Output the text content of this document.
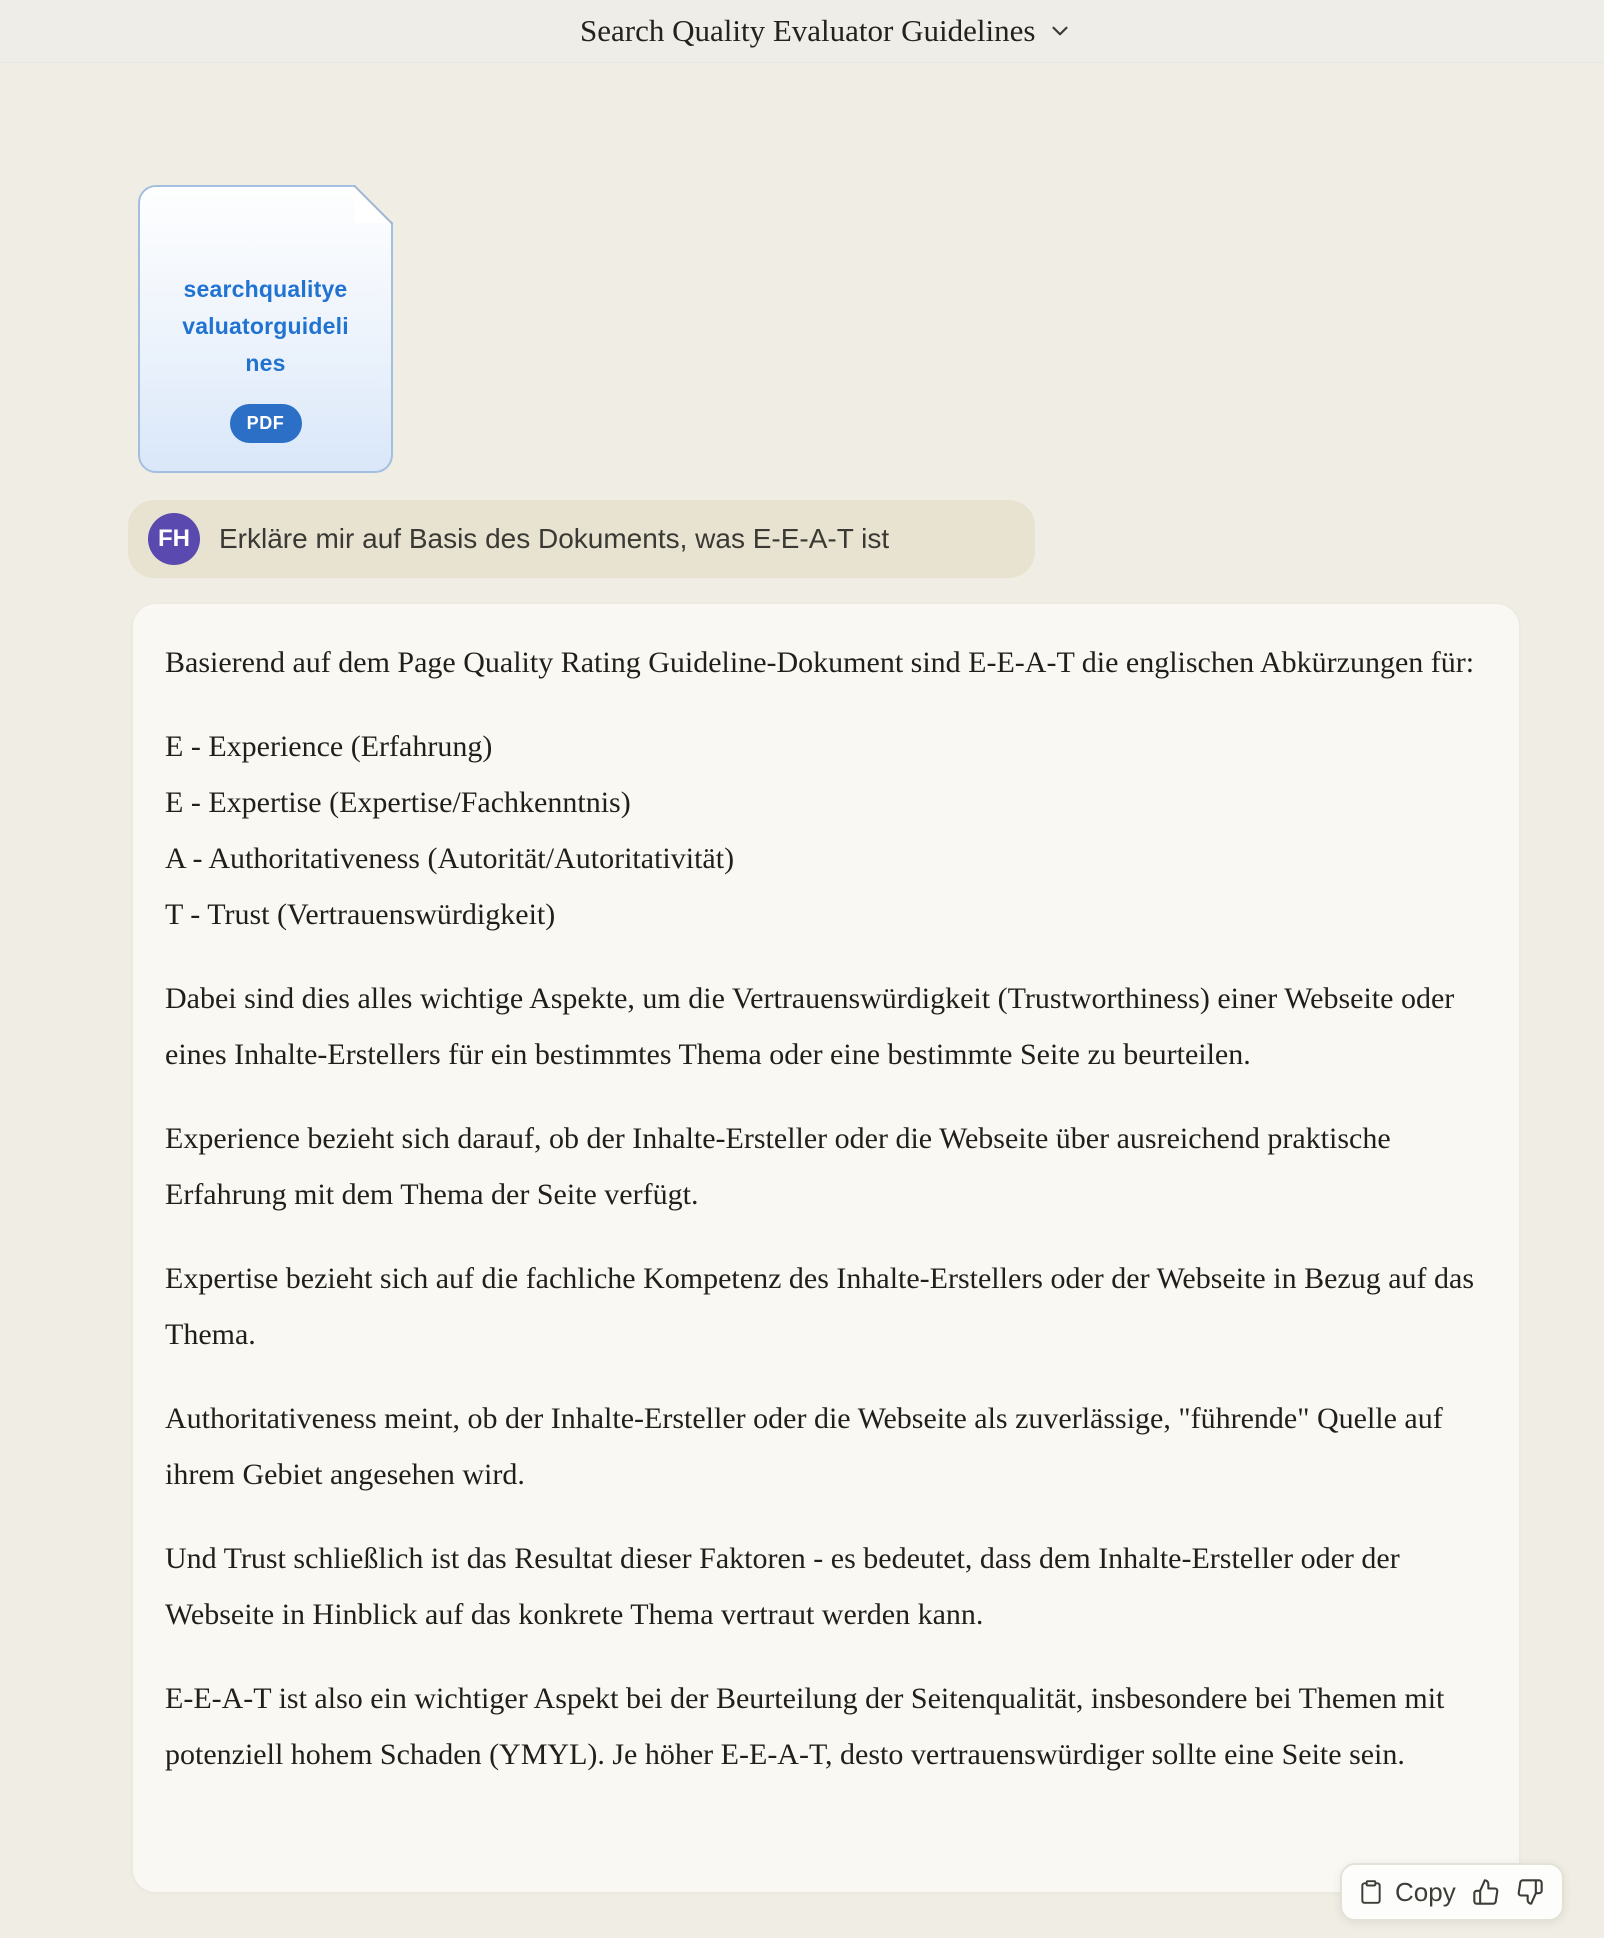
Search Quality Evaluator Guidelines
searchqualitye
valuatorguideli
nes
PDF
FH	Erkläre mir auf Basis des Dokuments, was E-E-A-T ist

Basierend auf dem Page Quality Rating Guideline-Dokument sind E-E-A-T die englischen Abkürzungen für:

E - Experience (Erfahrung)
E - Expertise (Expertise/Fachkenntnis)
A - Authoritativeness (Autorität/Autoritativität)
T - Trust (Vertrauenswürdigkeit)

Dabei sind dies alles wichtige Aspekte, um die Vertrauenswürdigkeit (Trustworthiness) einer Webseite oder eines Inhalte-Erstellers für ein bestimmtes Thema oder eine bestimmte Seite zu beurteilen.

Experience bezieht sich darauf, ob der Inhalte-Ersteller oder die Webseite über ausreichend praktische Erfahrung mit dem Thema der Seite verfügt.

Expertise bezieht sich auf die fachliche Kompetenz des Inhalte-Erstellers oder der Webseite in Bezug auf das Thema.

Authoritativeness meint, ob der Inhalte-Ersteller oder die Webseite als zuverlässige, "führende" Quelle auf ihrem Gebiet angesehen wird.

Und Trust schließlich ist das Resultat dieser Faktoren - es bedeutet, dass dem Inhalte-Ersteller oder der Webseite in Hinblick auf das konkrete Thema vertraut werden kann.

E-E-A-T ist also ein wichtiger Aspekt bei der Beurteilung der Seitenqualität, insbesondere bei Themen mit potenziell hohem Schaden (YMYL). Je höher E-E-A-T, desto vertrauenswürdiger sollte eine Seite sein.

Copy
